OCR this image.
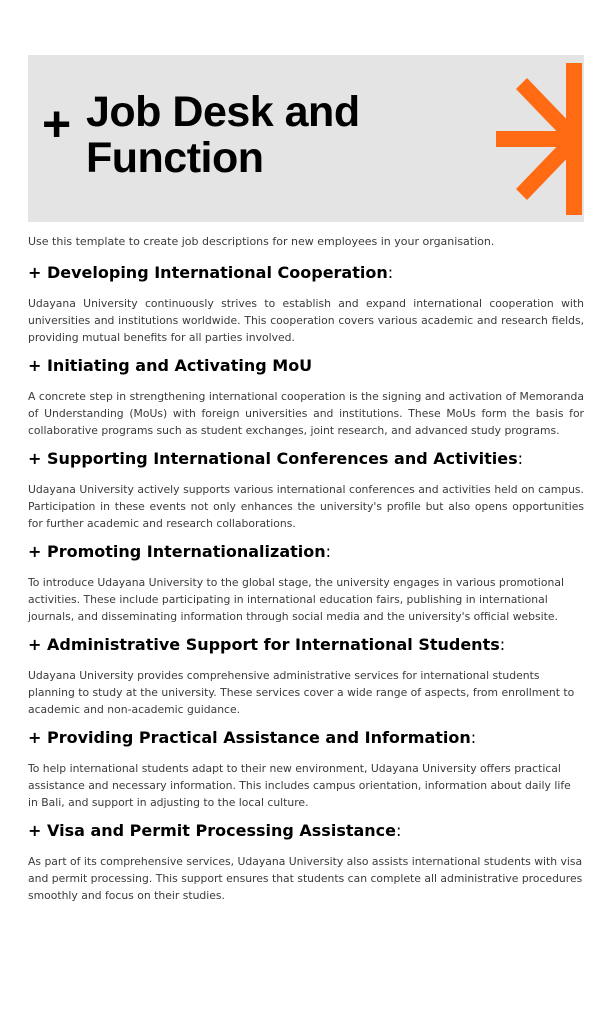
+ Job Desk and
Function
Use this template to create job descriptions for new employees in your organisation.
+ Developing International Cooperation:

Udayana University continuously strives to establish and expand international cooperation with universities and institutions worldwide. This cooperation covers various academic and research fields, providing mutual benefits for all parties involved.

+ Initiating and Activating MoU

A concrete step in strengthening international cooperation is the signing and activation of Memoranda of Understanding (MoUs) with foreign universities and institutions. These MoUs form the basis for collaborative programs such as student exchanges, joint research, and advanced study programs.

+ Supporting International Conferences and Activities:

Udayana University actively supports various international conferences and activities held on campus. Participation in these events not only enhances the university's profile but also opens opportunities for further academic and research collaborations.

+ Promoting Internationalization:

To introduce Udayana University to the global stage, the university engages in various promotional activities. These include participating in international education fairs, publishing in international journals, and disseminating information through social media and the university's official website.

+ Administrative Support for International Students:

Udayana University provides comprehensive administrative services for international students planning to study at the university. These services cover a wide range of aspects, from enrollment to academic and non-academic guidance.

+ Providing Practical Assistance and Information:

To help international students adapt to their new environment, Udayana University offers practical assistance and necessary information. This includes campus orientation, information about daily life in Bali, and support in adjusting to the local culture.

+ Visa and Permit Processing Assistance:

As part of its comprehensive services, Udayana University also assists international students with visa and permit processing. This support ensures that students can complete all administrative procedures smoothly and focus on their studies.
